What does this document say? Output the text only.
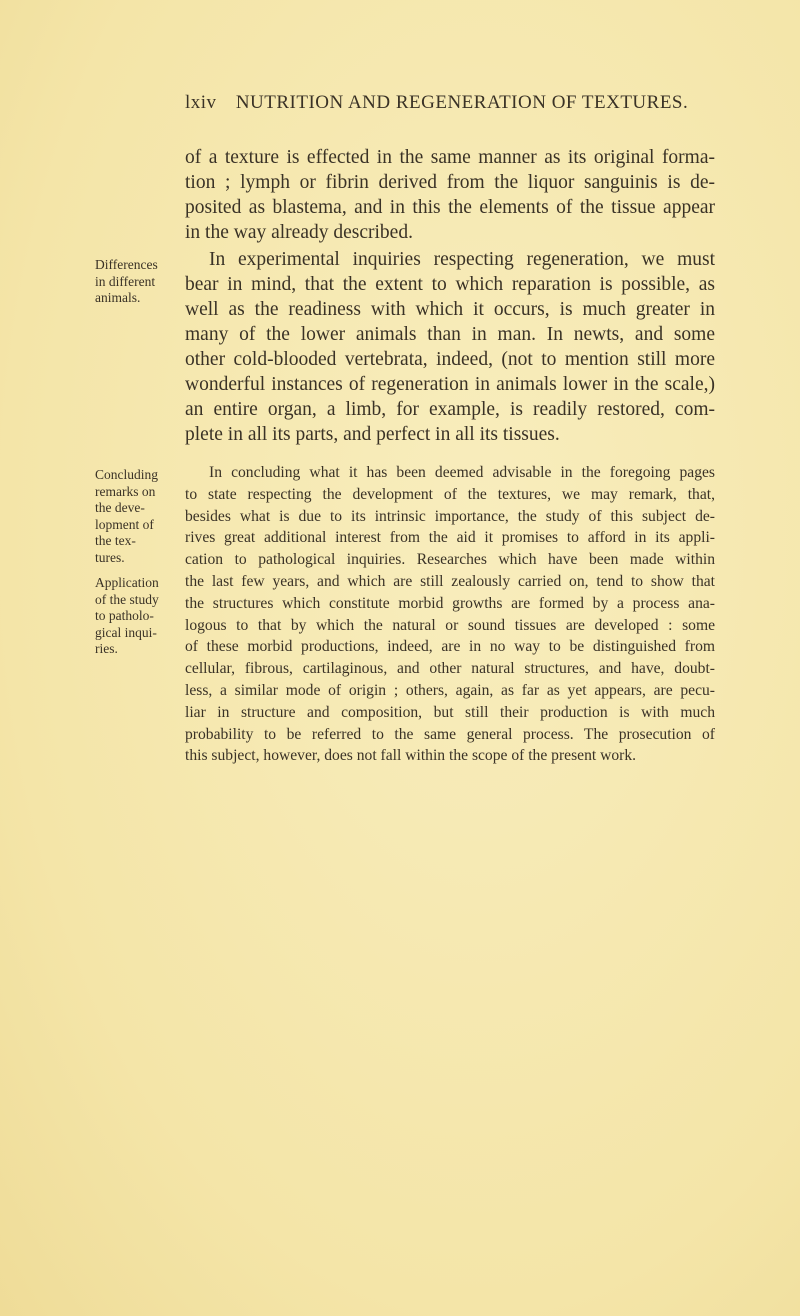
lxiv NUTRITION AND REGENERATION OF TEXTURES.
of a texture is effected in the same manner as its original forma-
tion ; lymph or fibrin derived from the liquor sanguinis is de-
posited as blastema, and in this the elements of the tissue appear
in the way already described.
In experimental inquiries respecting regeneration, we must
bear in mind, that the extent to which reparation is possible, as
well as the readiness with which it occurs, is much greater in
many of the lower animals than in man. In newts, and some
other cold-blooded vertebrata, indeed, (not to mention still more
wonderful instances of regeneration in animals lower in the scale,)
an entire organ, a limb, for example, is readily restored, com-
plete in all its parts, and perfect in all its tissues.
In concluding what it has been deemed advisable in the foregoing pages
to state respecting the development of the textures, we may remark, that,
besides what is due to its intrinsic importance, the study of this subject de-
rives great additional interest from the aid it promises to afford in its appli-
cation to pathological inquiries. Researches which have been made within
the last few years, and which are still zealously carried on, tend to show that
the structures which constitute morbid growths are formed by a process ana-
logous to that by which the natural or sound tissues are developed : some
of these morbid productions, indeed, are in no way to be distinguished from
cellular, fibrous, cartilaginous, and other natural structures, and have, doubt-
less, a similar mode of origin ; others, again, as far as yet appears, are pecu-
liar in structure and composition, but still their production is with much
probability to be referred to the same general process. The prosecution of
this subject, however, does not fall within the scope of the present work.
Differences
in different
animals.
Concluding
remarks on
the deve-
lopment of
the tex-
tures.
Application
of the study
to patholo-
gical inqui-
ries.
